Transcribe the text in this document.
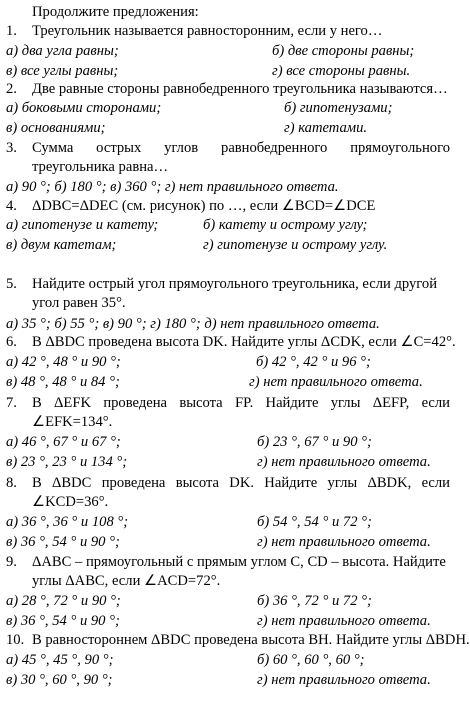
Продолжите предложения:
1. Треугольник называется равносторонним, если у него…
а) два угла равны;	б) две стороны равны;
в) все углы равны;	г) все стороны равны.
2. Две равные стороны равнобедренного треугольника называются…
а) боковыми сторонами;	б) гипотенузами;
в) основаниями;	г) катетами.
3. Сумма острых углов равнобедренного прямоугольного
треугольника равна…
а) 90 °; б) 180 °; в) 360 °; г) нет правильного ответа.
4. ΔDBC=ΔDEC (см. рисунок) по …, если ∠BCD=∠DCE
а) гипотенузе и катету;	б) катету и острому углу;
в) двум катетам;	г) гипотенузе и острому углу.
5. Найдите острый угол прямоугольного треугольника, если другой
угол равен 35°.
а) 35 °; б) 55 °; в) 90 °; г) 180 °; д) нет правильного ответа.
6. В ΔBDC проведена высота DK. Найдите углы ΔCDK, если ∠C=42°.
а) 42 °, 48 ° и 90 °;	б) 42 °, 42 ° и 96 °;
в) 48 °, 48 ° и 84 °;	г) нет правильного ответа.
7. В ΔEFK проведена высота FP. Найдите углы ΔEFP, если
∠EFK=134°.
а) 46 °, 67 ° и 67 °;	б) 23 °, 67 ° и 90 °;
в) 23 °, 23 ° и 134 °;	г) нет правильного ответа.
8. В ΔBDC проведена высота DK. Найдите углы ΔBDK, если
∠KCD=36°.
а) 36 °, 36 ° и 108 °;	б) 54 °, 54 ° и 72 °;
в) 36 °, 54 ° и 90 °;	г) нет правильного ответа.
9. ΔABC – прямоугольный с прямым углом C, CD – высота. Найдите
углы ΔABC, если ∠ACD=72°.
а) 28 °, 72 ° и 90 °;	б) 36 °, 72 ° и 72 °;
в) 36 °, 54 ° и 90 °;	г) нет правильного ответа.
10. В равностороннем ΔBDC проведена высота BH. Найдите углы ΔBDH.
а) 45 °, 45 °, 90 °;	б) 60 °, 60 °, 60 °;
в) 30 °, 60 °, 90 °;	г) нет правильного ответа.
